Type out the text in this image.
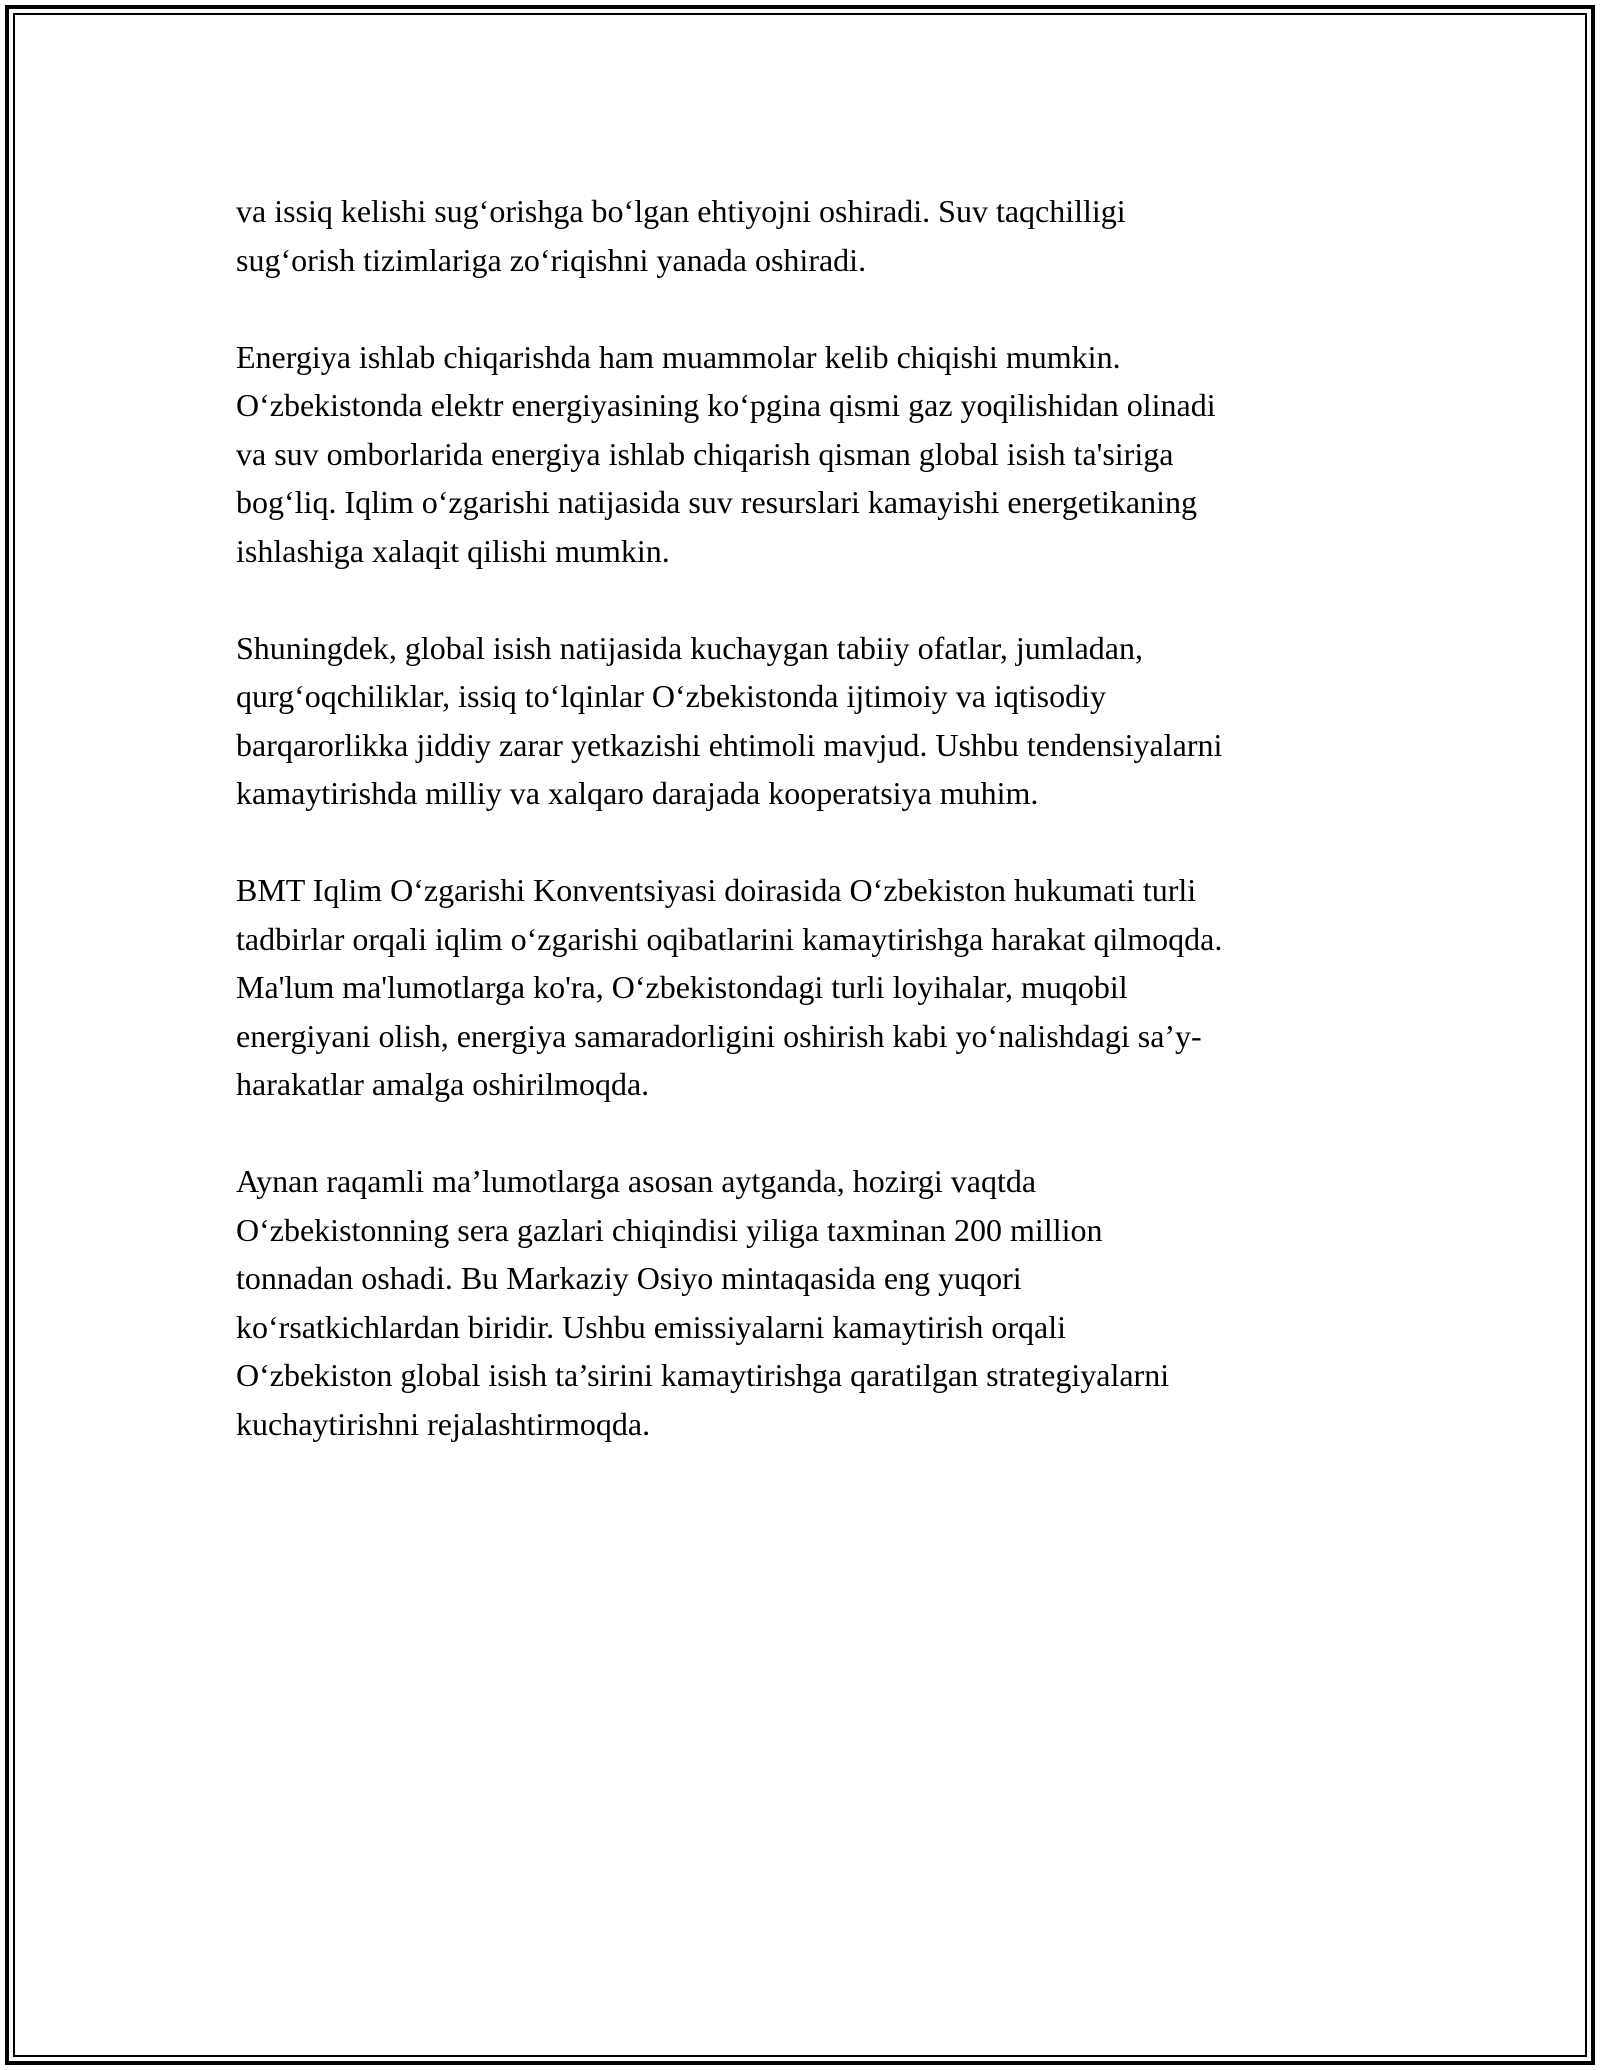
va issiq kelishi sug‘orishga bo‘lgan ehtiyojni oshiradi. Suv taqchilligi
sug‘orish tizimlariga zo‘riqishni yanada oshiradi.

Energiya ishlab chiqarishda ham muammolar kelib chiqishi mumkin.
O‘zbekistonda elektr energiyasining ko‘pgina qismi gaz yoqilishidan olinadi
va suv omborlarida energiya ishlab chiqarish qisman global isish ta'siriga
bog‘liq. Iqlim o‘zgarishi natijasida suv resurslari kamayishi energetikaning
ishlashiga xalaqit qilishi mumkin.

Shuningdek, global isish natijasida kuchaygan tabiiy ofatlar, jumladan,
qurg‘oqchiliklar, issiq to‘lqinlar O‘zbekistonda ijtimoiy va iqtisodiy
barqarorlikka jiddiy zarar yetkazishi ehtimoli mavjud. Ushbu tendensiyalarni
kamaytirishda milliy va xalqaro darajada kooperatsiya muhim.

BMT Iqlim O‘zgarishi Konventsiyasi doirasida O‘zbekiston hukumati turli
tadbirlar orqali iqlim o‘zgarishi oqibatlarini kamaytirishga harakat qilmoqda.
Ma'lum ma'lumotlarga ko'ra, O‘zbekistondagi turli loyihalar, muqobil
energiyani olish, energiya samaradorligini oshirish kabi yo‘nalishdagi sa’y-
harakatlar amalga oshirilmoqda.

Aynan raqamli ma’lumotlarga asosan aytganda, hozirgi vaqtda
O‘zbekistonning sera gazlari chiqindisi yiliga taxminan 200 million
tonnadan oshadi. Bu Markaziy Osiyo mintaqasida eng yuqori
ko‘rsatkichlardan biridir. Ushbu emissiyalarni kamaytirish orqali
O‘zbekiston global isish ta’sirini kamaytirishga qaratilgan strategiyalarni
kuchaytirishni rejalashtirmoqda.
